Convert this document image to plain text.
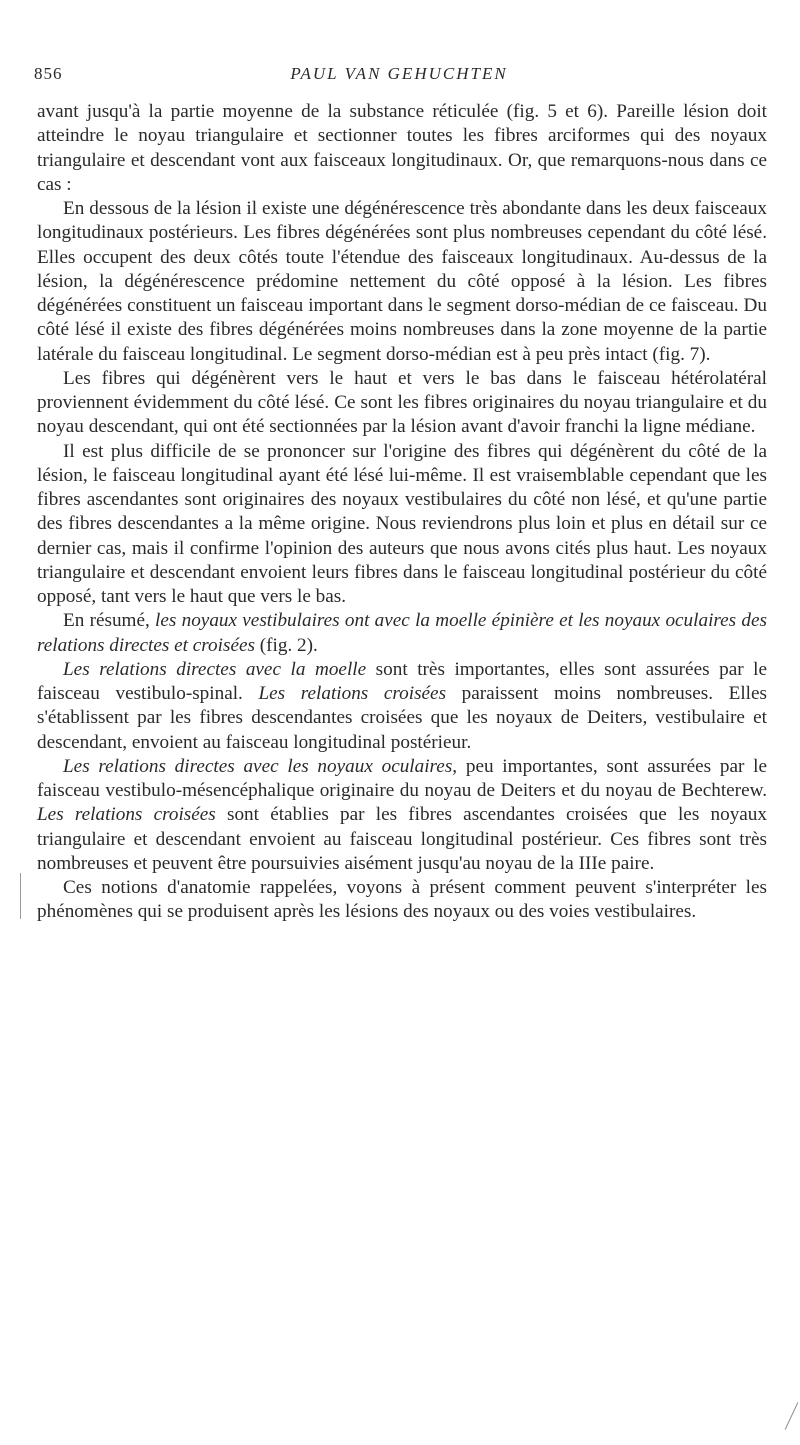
856	PAUL VAN GEHUCHTEN

avant jusqu'à la partie moyenne de la substance réticulée (fig. 5 et 6). Pareille lésion doit atteindre le noyau triangulaire et sectionner toutes les fibres arciformes qui des noyaux triangulaire et descendant vont aux faisceaux longitudinaux. Or, que remarquons-nous dans ce cas :

En dessous de la lésion il existe une dégénérescence très abondante dans les deux faisceaux longitudinaux postérieurs. Les fibres dégénérées sont plus nombreuses cependant du côté lésé. Elles occupent des deux côtés toute l'étendue des faisceaux longitudinaux. Au-dessus de la lésion, la dégénérescence prédomine nettement du côté opposé à la lésion. Les fibres dégénérées constituent un faisceau important dans le segment dorso-médian de ce faisceau. Du côté lésé il existe des fibres dégénérées moins nombreuses dans la zone moyenne de la partie latérale du faisceau longitudinal. Le segment dorso-médian est à peu près intact (fig. 7).

Les fibres qui dégénèrent vers le haut et vers le bas dans le faisceau hétérolatéral proviennent évidemment du côté lésé. Ce sont les fibres originaires du noyau triangulaire et du noyau descendant, qui ont été sectionnées par la lésion avant d'avoir franchi la ligne médiane.

Il est plus difficile de se prononcer sur l'origine des fibres qui dégénèrent du côté de la lésion, le faisceau longitudinal ayant été lésé lui-même. Il est vraisemblable cependant que les fibres ascendantes sont originaires des noyaux vestibulaires du côté non lésé, et qu'une partie des fibres descendantes a la même origine. Nous reviendrons plus loin et plus en détail sur ce dernier cas, mais il confirme l'opinion des auteurs que nous avons cités plus haut. Les noyaux triangulaire et descendant envoient leurs fibres dans le faisceau longitudinal postérieur du côté opposé, tant vers le haut que vers le bas.

En résumé, les noyaux vestibulaires ont avec la moelle épinière et les noyaux oculaires des relations directes et croisées (fig. 2).

Les relations directes avec la moelle sont très importantes, elles sont assurées par le faisceau vestibulo-spinal. Les relations croisées paraissent moins nombreuses. Elles s'établissent par les fibres descendantes croisées que les noyaux de Deiters, vestibulaire et descendant, envoient au faisceau longitudinal postérieur.

Les relations directes avec les noyaux oculaires, peu importantes, sont assurées par le faisceau vestibulo-mésencéphalique originaire du noyau de Deiters et du noyau de Bechterew. Les relations croisées sont établies par les fibres ascendantes croisées que les noyaux triangulaire et descendant envoient au faisceau longitudinal postérieur. Ces fibres sont très nombreuses et peuvent être poursuivies aisément jusqu'au noyau de la IIIe paire.

Ces notions d'anatomie rappelées, voyons à présent comment peuvent s'interpréter les phénomènes qui se produisent après les lésions des noyaux ou des voies vestibulaires.
